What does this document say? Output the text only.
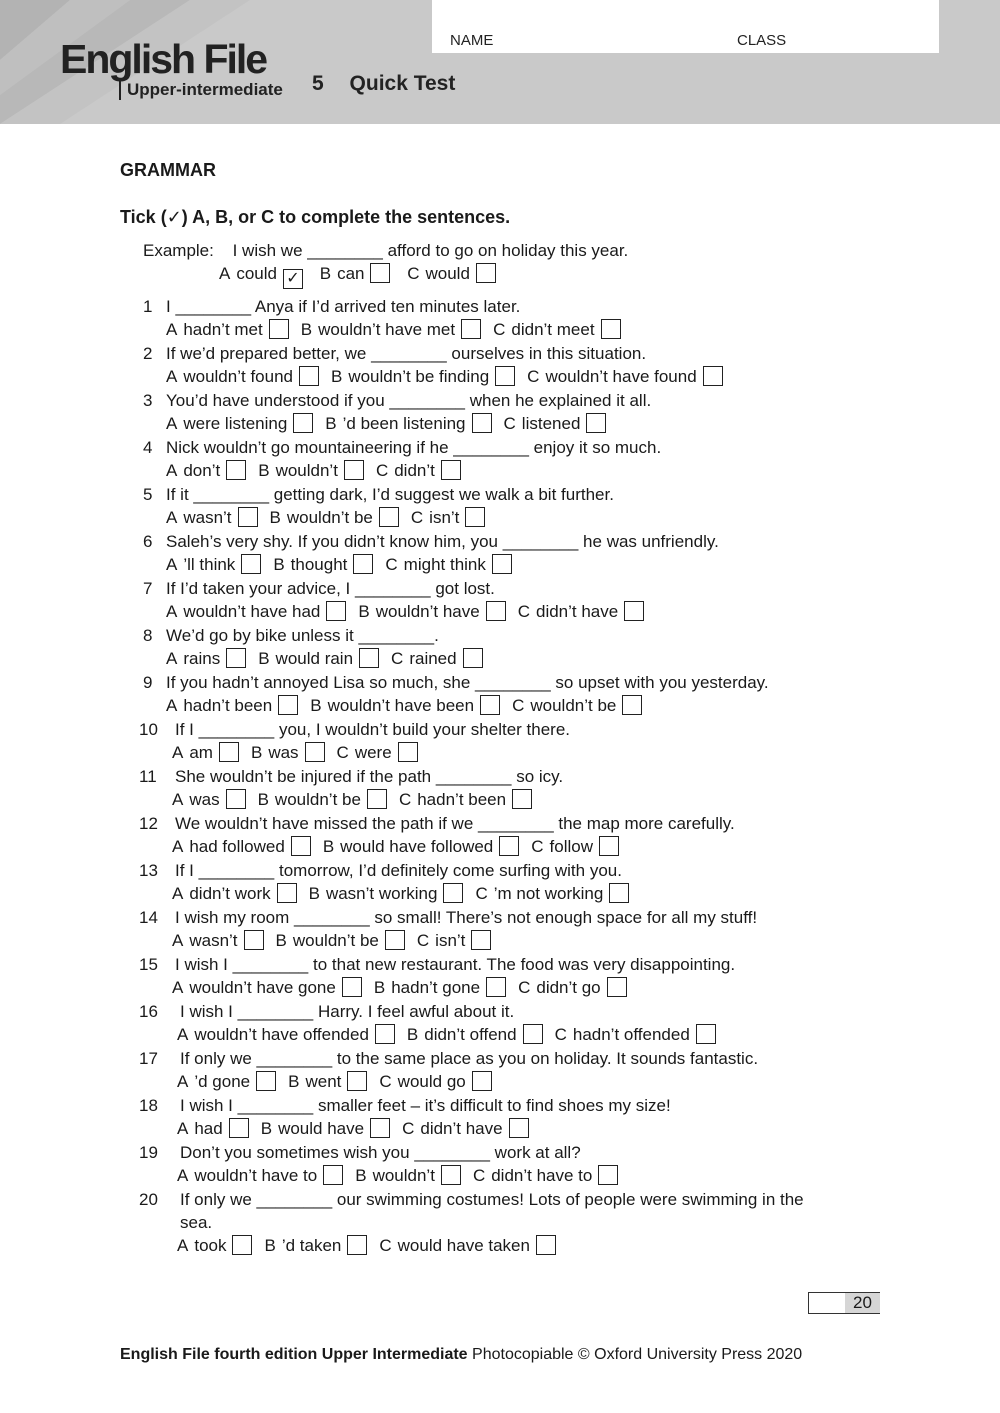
English File
Upper-intermediate 5 Quick Test
NAME	CLASS
GRAMMAR
Tick (✓) A, B, or C to complete the sentences.
Example: I wish we ________ afford to go on holiday this year.
A could ✓ B can	C would
1 I ________ Anya if I’d arrived ten minutes later.
A hadn’t met B wouldn’t have met C didn’t meet
2 If we’d prepared better, we ________ ourselves in this situation.
A wouldn’t found B wouldn’t be finding C wouldn’t have found
3 You’d have understood if you ________ when he explained it all.
A were listening B ’d been listening C listened
4 Nick wouldn’t go mountaineering if he ________ enjoy it so much.
A don’t B wouldn’t C didn’t
5 If it ________ getting dark, I’d suggest we walk a bit further.
A wasn’t B wouldn’t be C isn’t
6 Saleh’s very shy. If you didn’t know him, you ________ he was unfriendly.
A ’ll think B thought C might think
7 If I’d taken your advice, I ________ got lost.
A wouldn’t have had B wouldn’t have C didn’t have
8 We’d go by bike unless it ________.
A rains B would rain C rained
9 If you hadn’t annoyed Lisa so much, she ________ so upset with you yesterday.
A hadn’t been B wouldn’t have been C wouldn’t be
10 If I ________ you, I wouldn’t build your shelter there.
A am B was C were
11 She wouldn’t be injured if the path ________ so icy.
A was B wouldn’t be C hadn’t been
12 We wouldn’t have missed the path if we ________ the map more carefully.
A had followed B would have followed C follow
13 If I ________ tomorrow, I’d definitely come surfing with you.
A didn’t work B wasn’t working C ’m not working
14 I wish my room ________ so small! There’s not enough space for all my stuff!
A wasn’t B wouldn’t be C isn’t
15 I wish I ________ to that new restaurant. The food was very disappointing.
A wouldn’t have gone B hadn’t gone C didn’t go
16 I wish I ________ Harry. I feel awful about it.
A wouldn’t have offended B didn’t offend C hadn’t offended
17 If only we ________ to the same place as you on holiday. It sounds fantastic.
A ’d gone B went C would go
18 I wish I ________ smaller feet – it’s difficult to find shoes my size!
A had B would have C didn’t have
19 Don’t you sometimes wish you ________ work at all?
A wouldn’t have to B wouldn’t C didn’t have to
20 If only we ________ our swimming costumes! Lots of people were swimming in the
sea.
A took B ’d taken C would have taken
20
English File fourth edition Upper Intermediate Photocopiable © Oxford University Press 2020
